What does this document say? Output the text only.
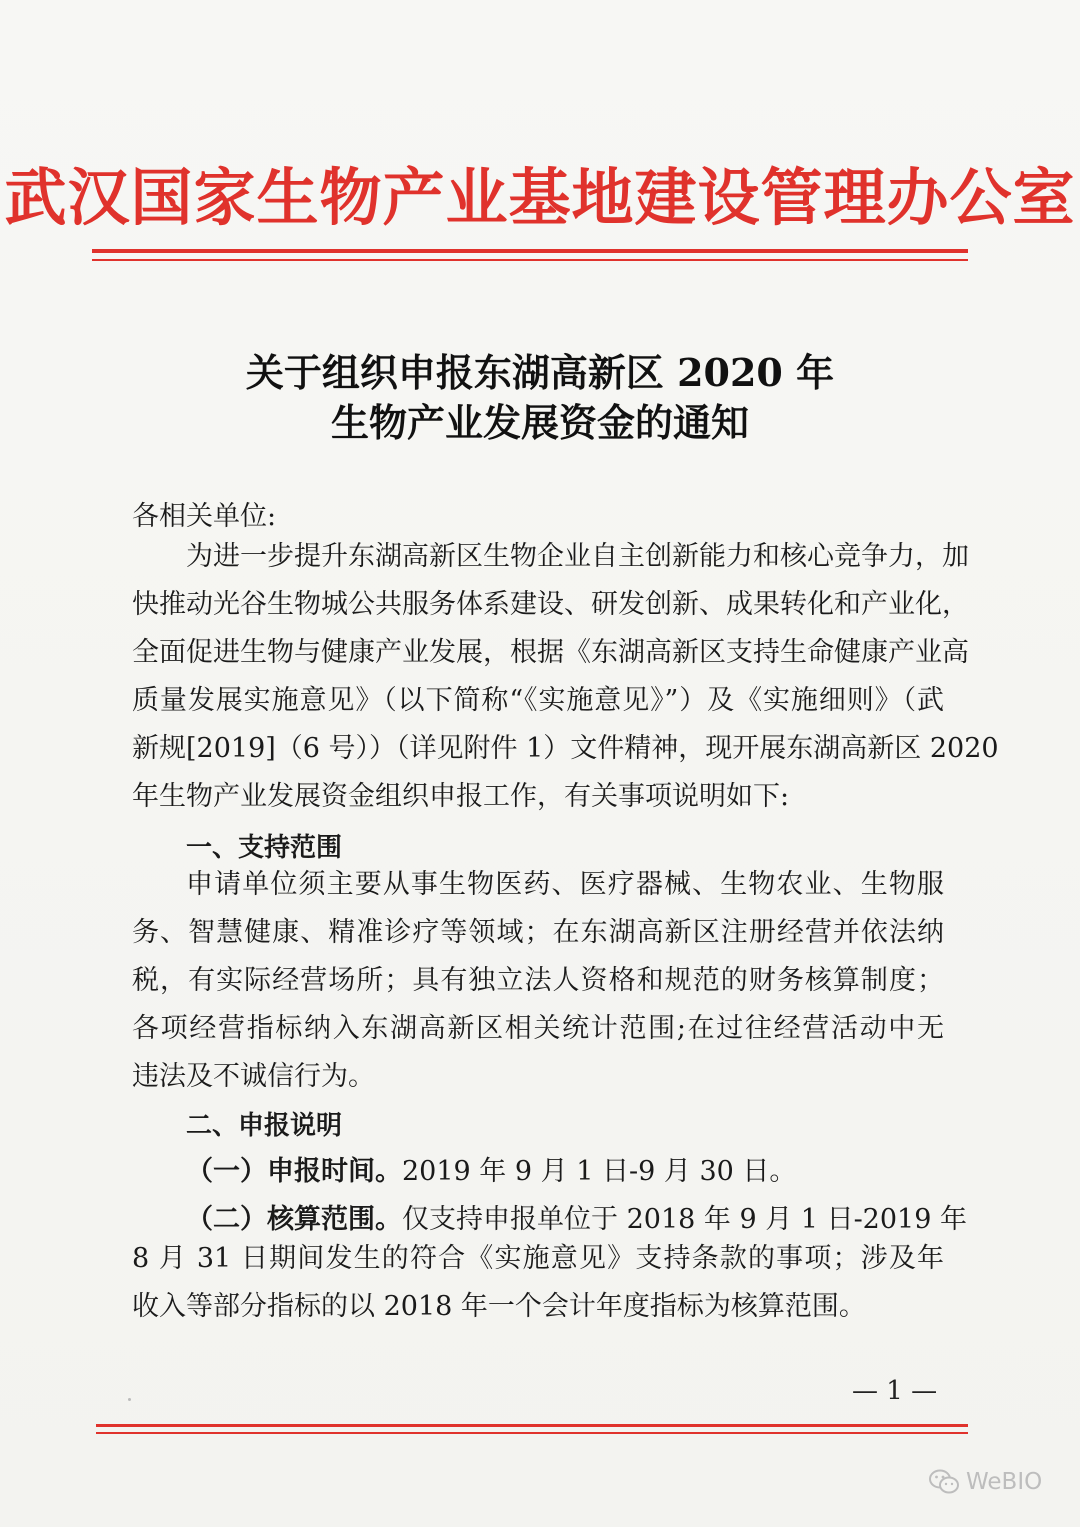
武汉国家生物产业基地建设管理办公室
关于组织申报东湖高新区 2020 年
生物产业发展资金的通知
各相关单位:
为进一步提升东湖高新区生物企业自主创新能力和核心竞争力，加
快推动光谷生物城公共服务体系建设、研发创新、成果转化和产业化，
全面促进生物与健康产业发展，根据《东湖高新区支持生命健康产业高
质量发展实施意见》（以下简称“《实施意见》”）及《实施细则》（武
新规[2019]（6 号））（详见附件 1）文件精神，现开展东湖高新区 2020
年生物产业发展资金组织申报工作，有关事项说明如下:
一、支持范围
申请单位须主要从事生物医药、医疗器械、生物农业、生物服
务、智慧健康、精准诊疗等领域；在东湖高新区注册经营并依法纳
税，有实际经营场所；具有独立法人资格和规范的财务核算制度；
各项经营指标纳入东湖高新区相关统计范围;在过往经营活动中无
违法及不诚信行为。
二、申报说明
（一）申报时间。2019 年 9 月 1 日-9 月 30 日。
（二）核算范围。仅支持申报单位于 2018 年 9 月 1 日-2019 年
8 月 31 日期间发生的符合《实施意见》支持条款的事项；涉及年
收入等部分指标的以 2018 年一个会计年度指标为核算范围。
— 1 —
WeBIO
